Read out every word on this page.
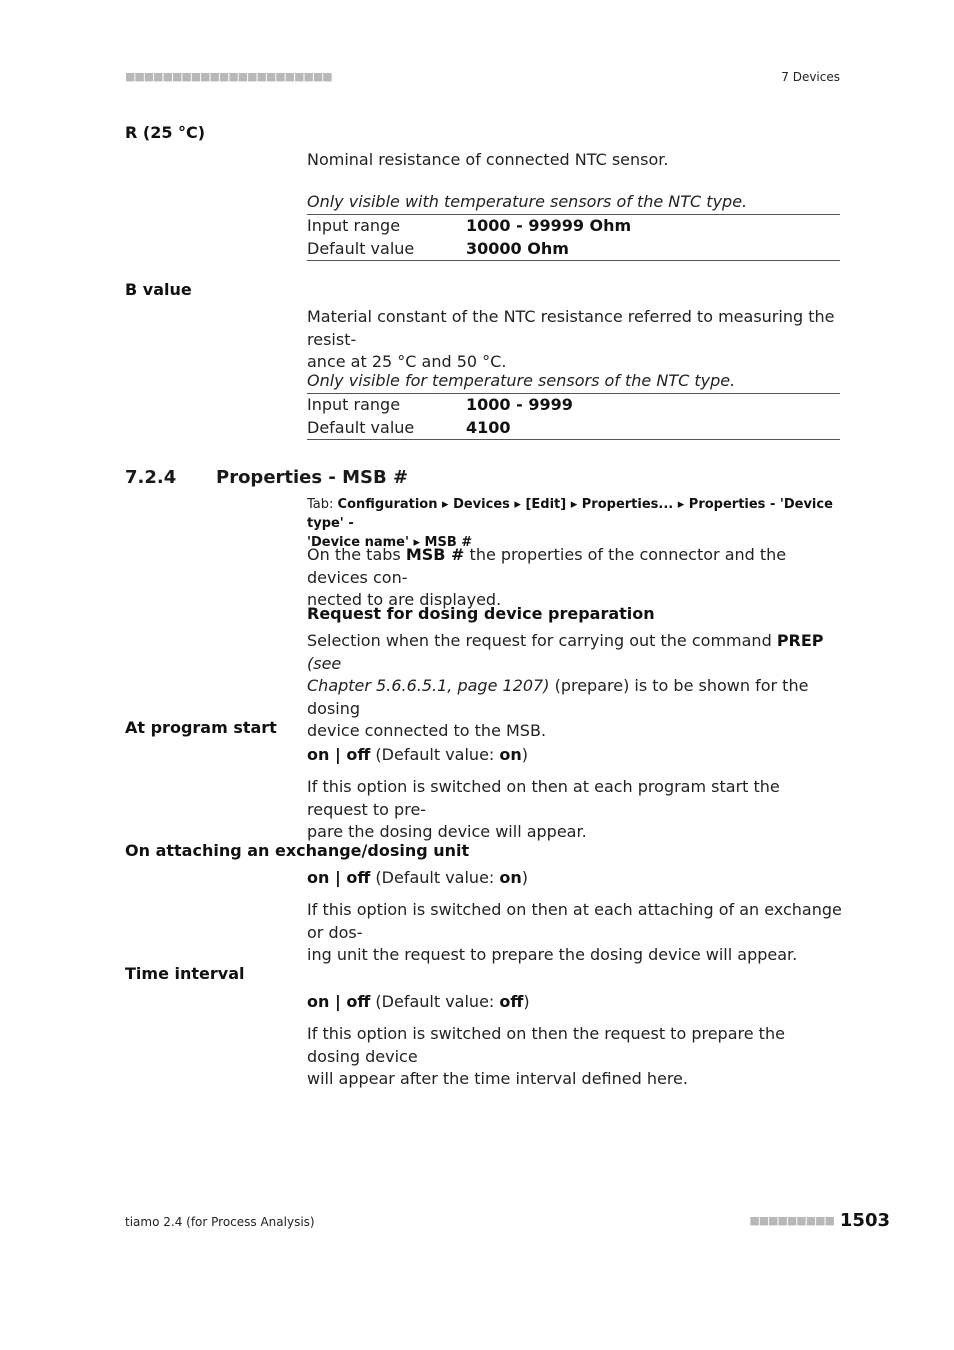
■■■■■■■■■■■■■■■■■■■■■■	7 Devices
R (25 °C)
Nominal resistance of connected NTC sensor.
Only visible with temperature sensors of the NTC type.
Input range	1000 - 99999 Ohm
Default value	30000 Ohm
B value
Material constant of the NTC resistance referred to measuring the resist-
ance at 25 °C and 50 °C.
Only visible for temperature sensors of the NTC type.
Input range	1000 - 9999
Default value	4100
7.2.4 Properties - MSB #
Tab: Configuration ▸ Devices ▸ [Edit] ▸ Properties... ▸ Properties - 'Device type' -
'Device name' ▸ MSB #
On the tabs MSB # the properties of the connector and the devices con-
nected to are displayed.
Request for dosing device preparation
Selection when the request for carrying out the command PREP (see
Chapter 5.6.6.5.1, page 1207) (prepare) is to be shown for the dosing
device connected to the MSB.
At program start
on | off (Default value: on)
If this option is switched on then at each program start the request to pre-
pare the dosing device will appear.
On attaching an exchange/dosing unit
on | off (Default value: on)
If this option is switched on then at each attaching of an exchange or dos-
ing unit the request to prepare the dosing device will appear.
Time interval
on | off (Default value: off)
If this option is switched on then the request to prepare the dosing device
will appear after the time interval defined here.
tiamo 2.4 (for Process Analysis)	■■■■■■■■■ 1503
